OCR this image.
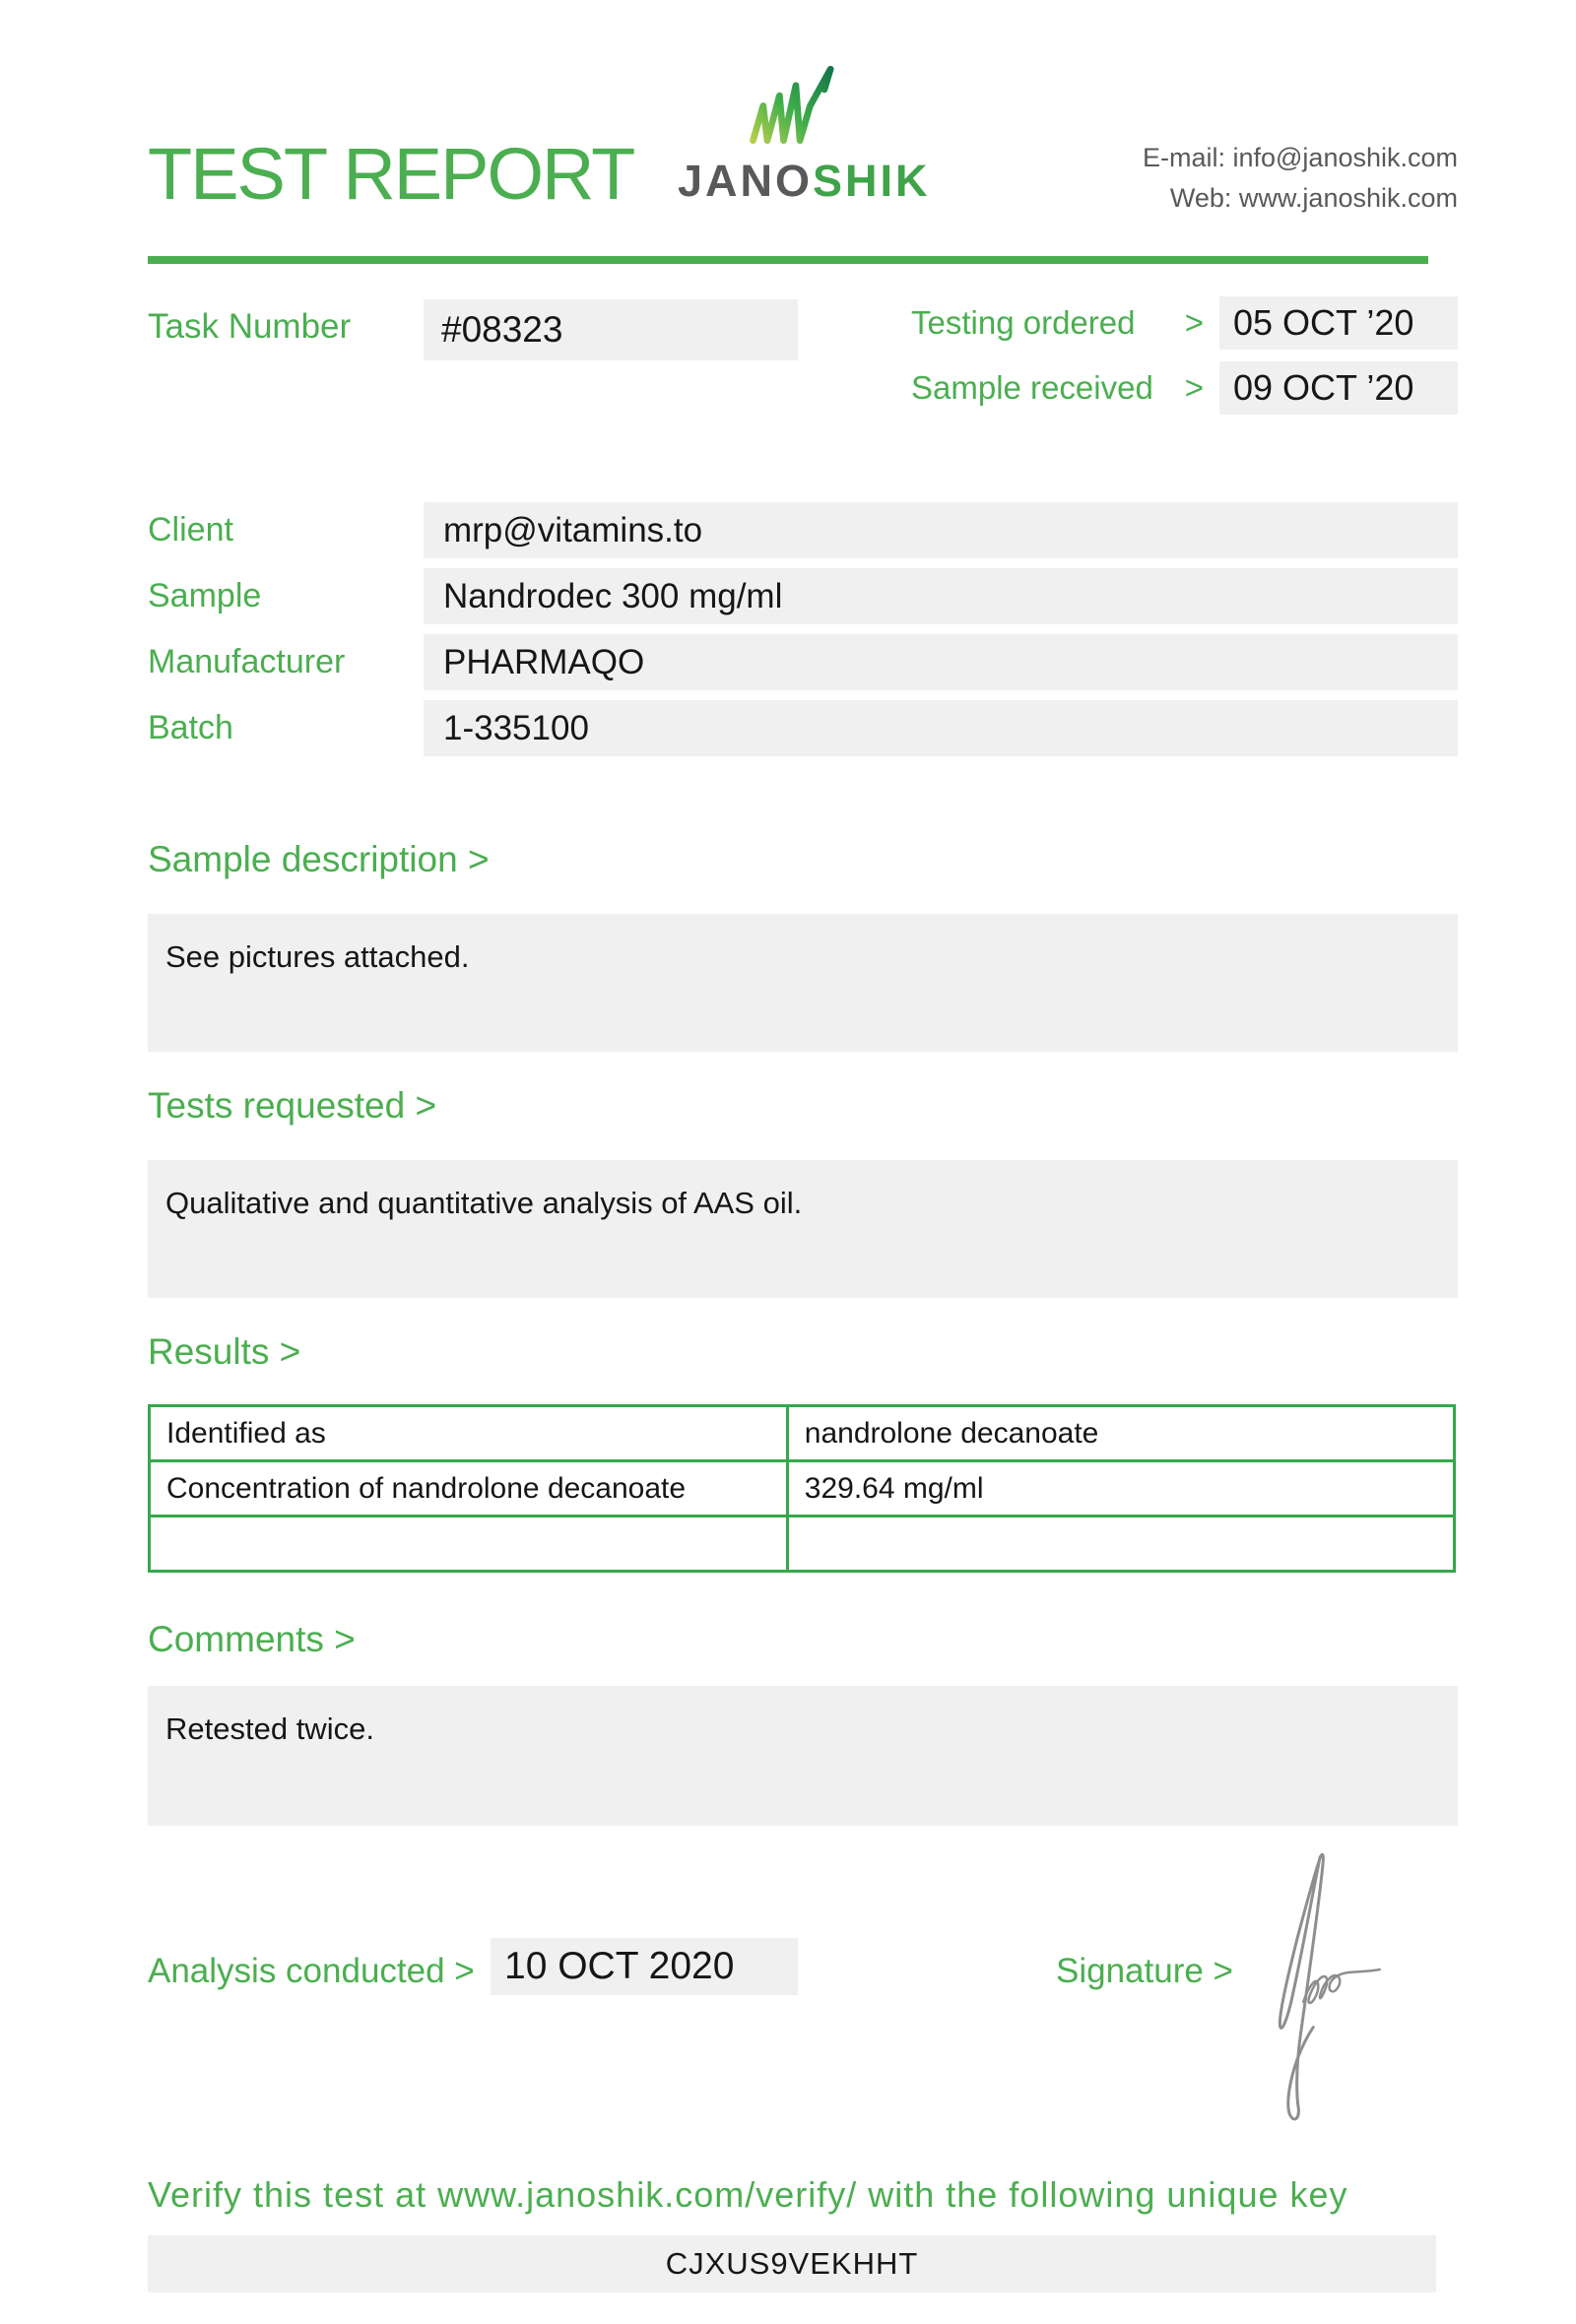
TEST REPORT JANOSHIK	E-mail: info@janoshik.com
Web: www.janoshik.com
Task Number	#08323	Testing ordered	> 05 OCT ’20
Sample received > 09 OCT ’20
Client	mrp@vitamins.to
Sample	Nandrodec 300 mg/ml
Manufacturer	PHARMAQO
Batch	1-335100
Sample description >
See pictures attached.
Tests requested >
Qualitative and quantitative analysis of AAS oil.
Results >
Identified as	nandrolone decanoate
Concentration of nandrolone decanoate	329.64 mg/ml
Comments >
Retested twice.
Analysis conducted > 10 OCT 2020	Signature >
Verify this test at www.janoshik.com/verify/ with the following unique key
CJXUS9VEKHHT
